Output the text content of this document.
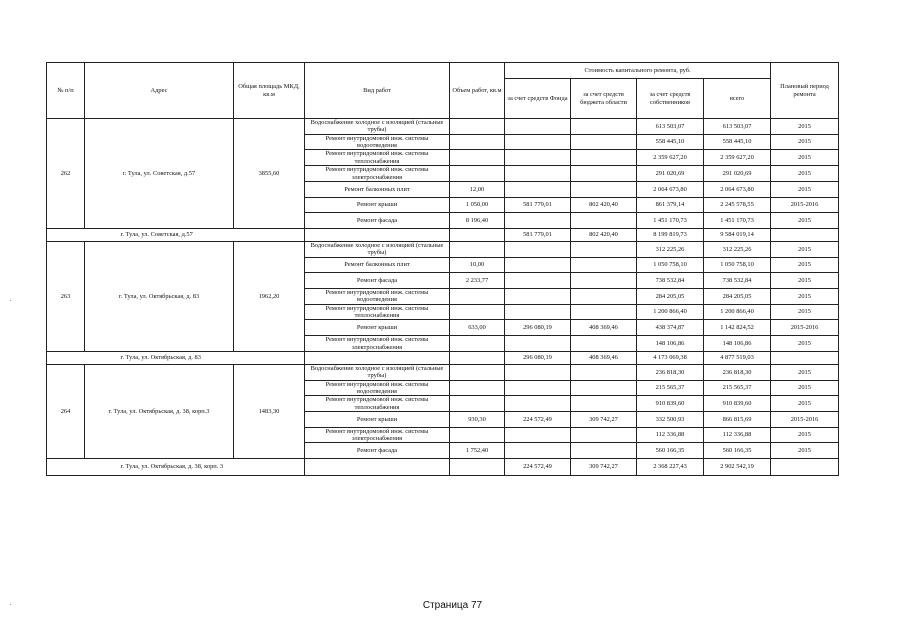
№ п/п	Адрес	Общая площадь МКД, кв.м	Вид работ	Объем работ, кв.м	Стоимость капитального ремонта, руб.				Плановый период ремонта
					за счет средств Фонда	за счет средств бюджета области	за счет средств собственников	всего	
262	г. Тула, ул. Советская, д.57	3855,60	Водоснабжение холодное с изоляцией (стальные трубы)				613 503,07	613 503,07	2015
			Ремонт внутридомовой инж. системы водоотведения				558 445,10	558 445,10	2015
			Ремонт внутридомовой инж. системы теплоснабжения				2 359 627,20	2 359 627,20	2015
			Ремонт внутридомовой инж. системы электроснабжения				291 020,69	291 020,69	2015
			Ремонт балконных плит	12,00			2 064 673,80	2 064 673,80	2015
			Ремонт крыши	1 050,00	581 779,01	802 420,40	861 379,14	2 245 578,55	2015-2016
			Ремонт фасада	8 196,40			1 451 170,73	1 451 170,73	2015
	г. Тула, ул. Советская, д.57				581 779,01	802 420,40	8 199 819,73	9 584 019,14	
263	г. Тула, ул. Октябрьская, д. 83	1962,20	Водоснабжение холодное с изоляцией (стальные трубы)				312 225,26	312 225,26	2015
			Ремонт балконных плит	10,00			1 050 758,10	1 050 758,10	2015
			Ремонт фасада	2 233,77			738 532,84	738 532,84	2015
			Ремонт внутридомовой инж. системы водоотведения				284 205,05	284 205,05	2015
			Ремонт внутридомовой инж. системы теплоснабжения				1 200 866,40	1 200 866,40	2015
			Ремонт крыши	633,00	296 080,19	408 369,46	438 374,87	1 142 824,52	2015-2016
			Ремонт внутридомовой инж. системы электроснабжения				148 106,86	148 106,86	2015
	г. Тула, ул. Октябрьская, д. 83				296 080,19	408 369,46	4 173 069,38	4 877 519,03	
264	г. Тула, ул. Октябрьская, д. 38, корп.3	1483,30	Водоснабжение холодное с изоляцией (стальные трубы)				236 818,30	236 818,30	2015
			Ремонт внутридомовой инж. системы водоотведения				215 565,37	215 565,37	2015
			Ремонт внутридомовой инж. системы теплоснабжения				910 839,60	910 839,60	2015
			Ремонт крыши	930,30	224 572,49	309 742,27	332 500,93	866 815,69	2015-2016
			Ремонт внутридомовой инж. системы электроснабжения				112 336,88	112 336,88	2015
			Ремонт фасада	1 752,40			560 166,35	560 166,35	2015
	г. Тула, ул. Октябрьская, д. 38, корп. 3				224 572,49	309 742,27	2 368 227,43	2 902 542,19	
Страница 77
